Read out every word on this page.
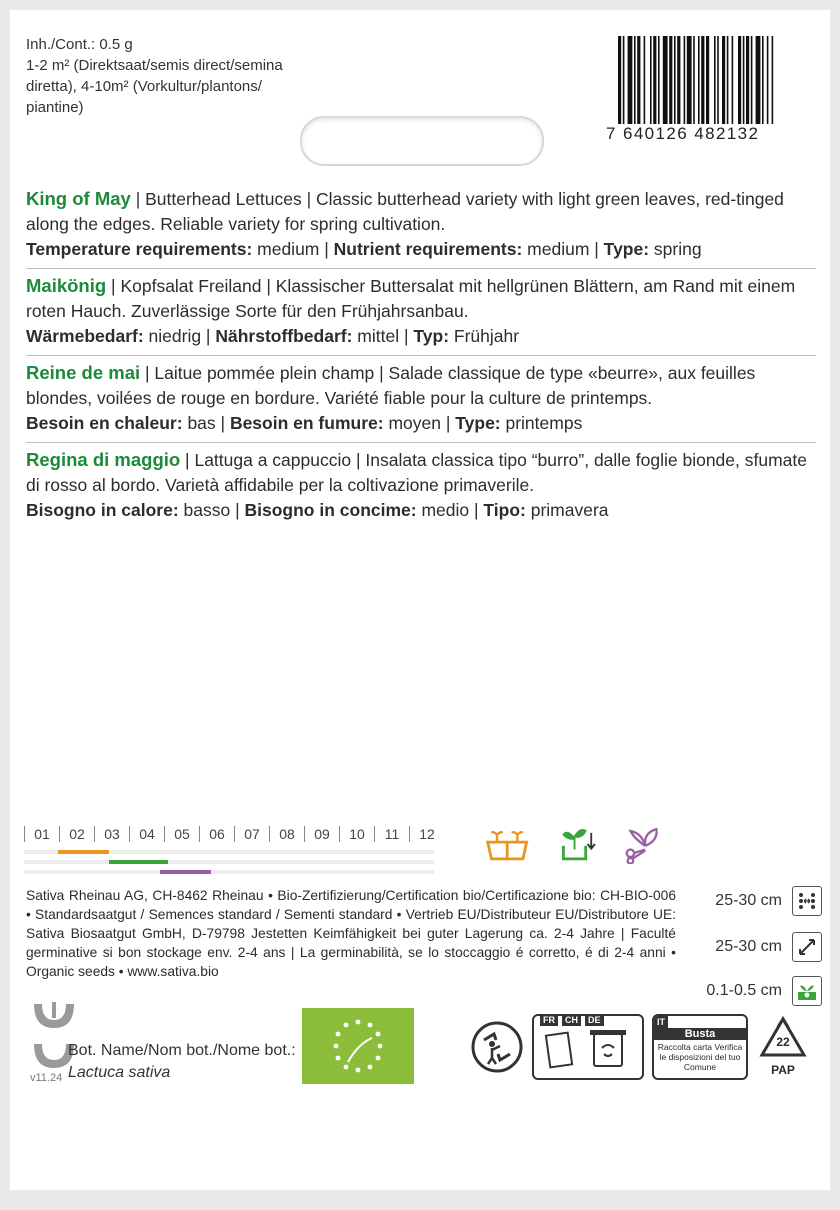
Inh./Cont.: 0.5 g
1-2 m² (Direktsaat/semis direct/semina
diretta), 4-10m² (Vorkultur/plantons/
piantine)
7 640126 482132
King of May | Butterhead Lettuces | Classic butterhead variety with light green leaves, red-tinged along the edges. Reliable variety for spring cultivation.
Temperature requirements: medium | Nutrient requirements: medium | Type: spring
Maikönig | Kopfsalat Freiland | Klassischer Buttersalat mit hellgrünen Blättern, am Rand mit einem roten Hauch. Zuverlässige Sorte für den Frühjahrsanbau.
Wärmebedarf: niedrig | Nährstoffbedarf: mittel | Typ: Frühjahr
Reine de mai | Laitue pommée plein champ | Salade classique de type «beurre», aux feuilles blondes, voilées de rouge en bordure. Variété fiable pour la culture de printemps.
Besoin en chaleur: bas | Besoin en fumure: moyen | Type: printemps
Regina di maggio | Lattuga a cappuccio | Insalata classica tipo “burro”, dalle foglie bionde, sfumate di rosso al bordo. Varietà affidabile per la coltivazione primaverile.
Bisogno in calore: basso | Bisogno in concime: medio | Tipo: primavera
01	02	03	04	05	06	07	08	09	10	11	12
Sativa Rheinau AG, CH-8462 Rheinau • Bio-Zertifizierung/Certification bio/Certificazione bio: CH-BIO-006 • Standardsaatgut / Semences standard / Sementi standard • Vertrieb EU/Distributeur EU/Distributore UE: Sativa Biosaatgut GmbH, D-79798 Jestetten Keimfähigkeit bei guter Lagerung ca. 2-4 Jahre | Faculté germinative si bon stockage env. 2-4 ans | La germinabilità, se lo stoccaggio é corretto, é di 2-4 anni • Organic seeds • www.sativa.bio
25-30 cm
25-30 cm
0.1-0.5 cm
Bot. Name/Nom bot./Nome bot.:
Lactuca sativa
v11.24
FR	CH	DE	IT
Busta
Raccolta carta Verifica le disposizioni del tuo Comune
22
PAP
